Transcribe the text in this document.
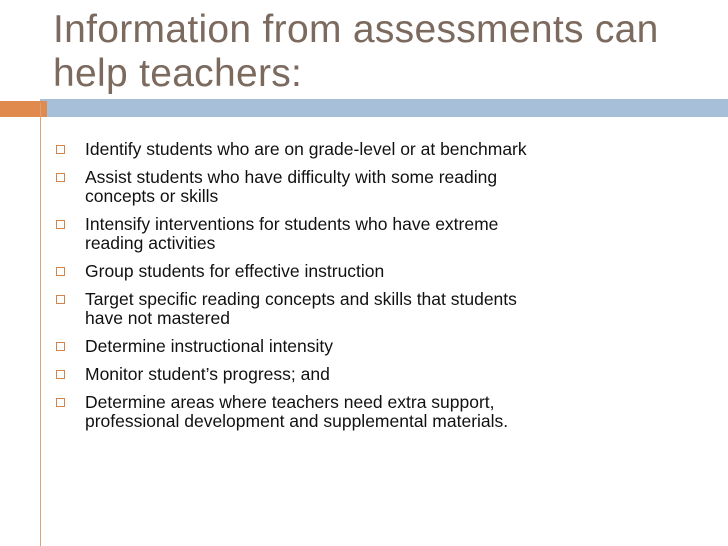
Information from assessments can
help teachers:
Identify students who are on grade-level or at benchmark
Assist students who have difficulty with some reading
concepts or skills
Intensify interventions for students who have extreme
reading activities
Group students for effective instruction
Target specific reading concepts and skills that students
have not mastered
Determine instructional intensity
Monitor student’s progress; and
Determine areas where teachers need extra support,
professional development and supplemental materials.
